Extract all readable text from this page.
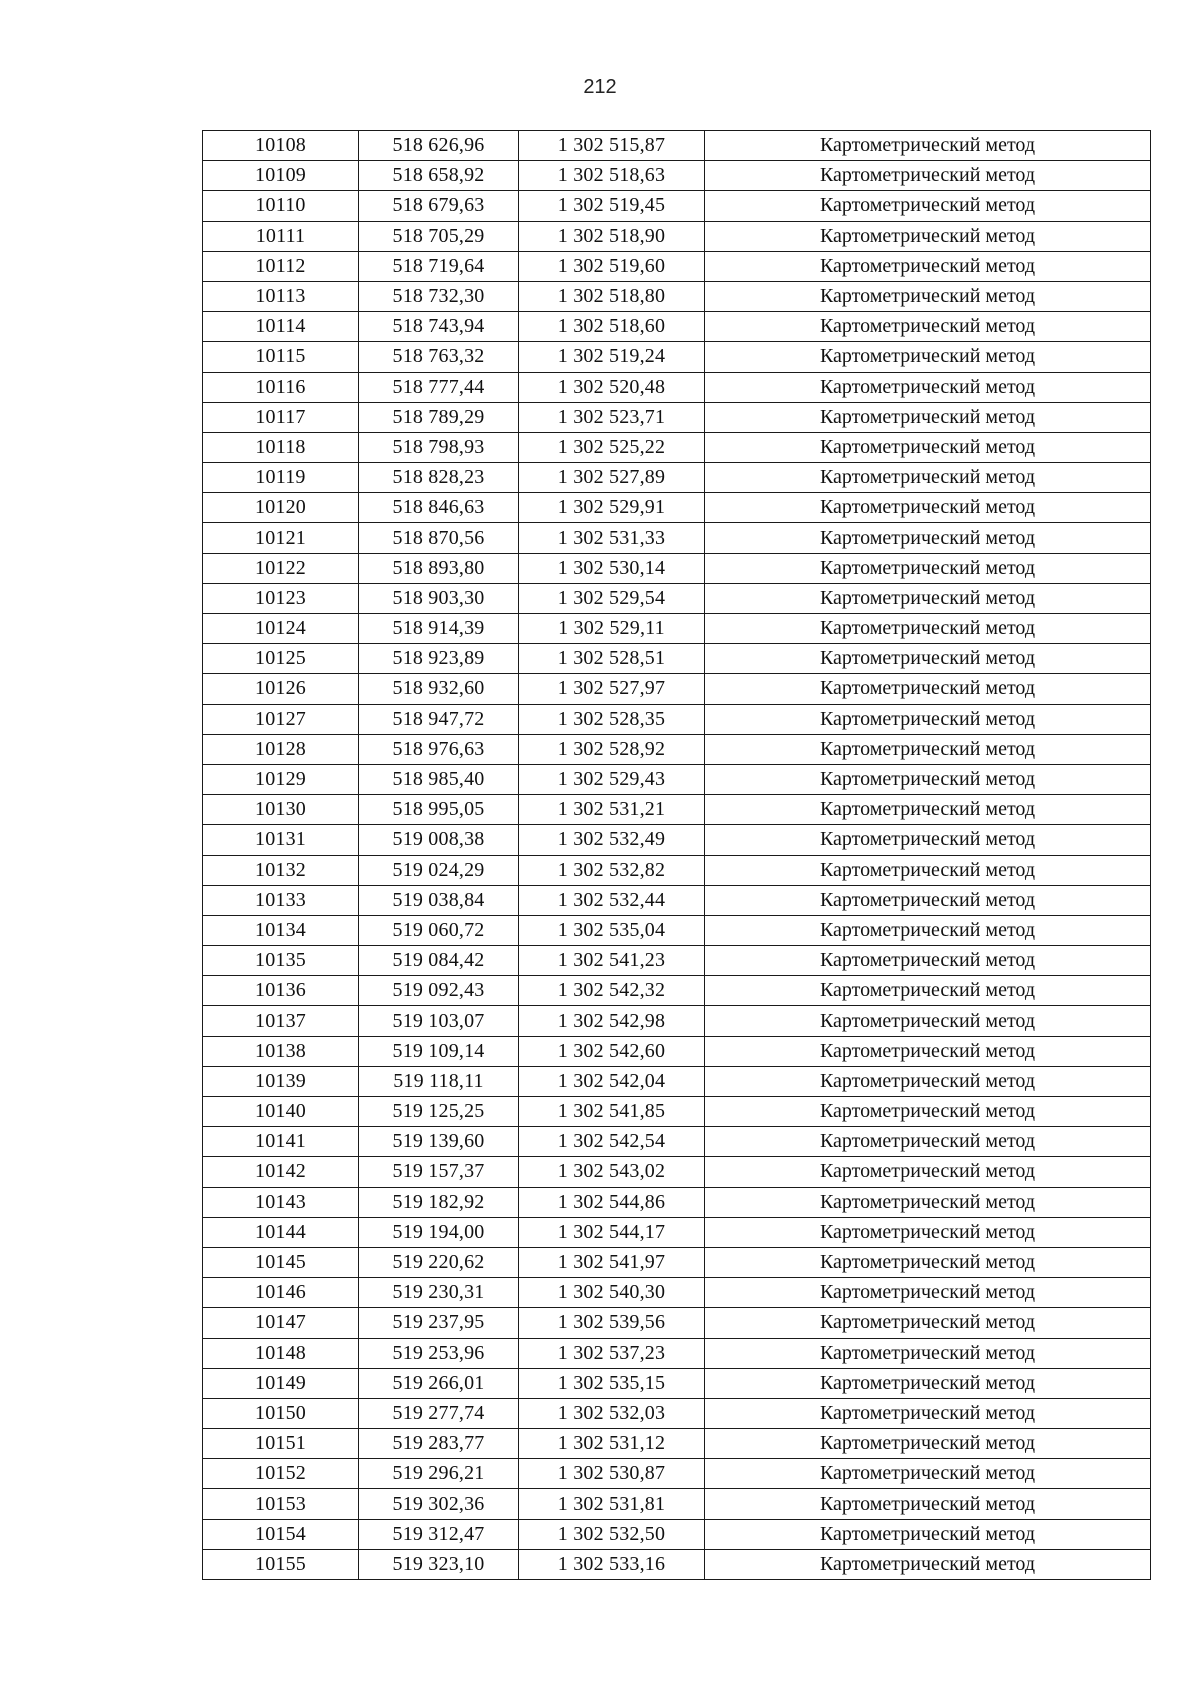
212
10108	518 626,96	1 302 515,87	Картометрический метод
10109	518 658,92	1 302 518,63	Картометрический метод
10110	518 679,63	1 302 519,45	Картометрический метод
10111	518 705,29	1 302 518,90	Картометрический метод
10112	518 719,64	1 302 519,60	Картометрический метод
10113	518 732,30	1 302 518,80	Картометрический метод
10114	518 743,94	1 302 518,60	Картометрический метод
10115	518 763,32	1 302 519,24	Картометрический метод
10116	518 777,44	1 302 520,48	Картометрический метод
10117	518 789,29	1 302 523,71	Картометрический метод
10118	518 798,93	1 302 525,22	Картометрический метод
10119	518 828,23	1 302 527,89	Картометрический метод
10120	518 846,63	1 302 529,91	Картометрический метод
10121	518 870,56	1 302 531,33	Картометрический метод
10122	518 893,80	1 302 530,14	Картометрический метод
10123	518 903,30	1 302 529,54	Картометрический метод
10124	518 914,39	1 302 529,11	Картометрический метод
10125	518 923,89	1 302 528,51	Картометрический метод
10126	518 932,60	1 302 527,97	Картометрический метод
10127	518 947,72	1 302 528,35	Картометрический метод
10128	518 976,63	1 302 528,92	Картометрический метод
10129	518 985,40	1 302 529,43	Картометрический метод
10130	518 995,05	1 302 531,21	Картометрический метод
10131	519 008,38	1 302 532,49	Картометрический метод
10132	519 024,29	1 302 532,82	Картометрический метод
10133	519 038,84	1 302 532,44	Картометрический метод
10134	519 060,72	1 302 535,04	Картометрический метод
10135	519 084,42	1 302 541,23	Картометрический метод
10136	519 092,43	1 302 542,32	Картометрический метод
10137	519 103,07	1 302 542,98	Картометрический метод
10138	519 109,14	1 302 542,60	Картометрический метод
10139	519 118,11	1 302 542,04	Картометрический метод
10140	519 125,25	1 302 541,85	Картометрический метод
10141	519 139,60	1 302 542,54	Картометрический метод
10142	519 157,37	1 302 543,02	Картометрический метод
10143	519 182,92	1 302 544,86	Картометрический метод
10144	519 194,00	1 302 544,17	Картометрический метод
10145	519 220,62	1 302 541,97	Картометрический метод
10146	519 230,31	1 302 540,30	Картометрический метод
10147	519 237,95	1 302 539,56	Картометрический метод
10148	519 253,96	1 302 537,23	Картометрический метод
10149	519 266,01	1 302 535,15	Картометрический метод
10150	519 277,74	1 302 532,03	Картометрический метод
10151	519 283,77	1 302 531,12	Картометрический метод
10152	519 296,21	1 302 530,87	Картометрический метод
10153	519 302,36	1 302 531,81	Картометрический метод
10154	519 312,47	1 302 532,50	Картометрический метод
10155	519 323,10	1 302 533,16	Картометрический метод
